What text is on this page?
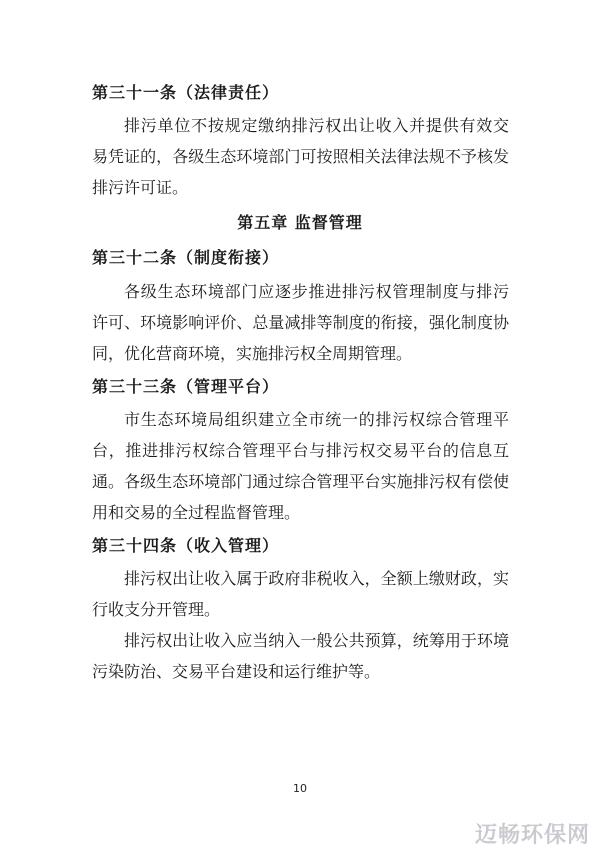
第三十一条（法律责任）

排污单位不按规定缴纳排污权出让收入并提供有效交

易凭证的，各级生态环境部门可按照相关法律法规不予核发

排污许可证。

第五章 监督管理

第三十二条（制度衔接）

各级生态环境部门应逐步推进排污权管理制度与排污

许可、环境影响评价、总量减排等制度的衔接，强化制度协

同，优化营商环境，实施排污权全周期管理。

第三十三条（管理平台）

市生态环境局组织建立全市统一的排污权综合管理平

台，推进排污权综合管理平台与排污权交易平台的信息互

通。各级生态环境部门通过综合管理平台实施排污权有偿使

用和交易的全过程监督管理。

第三十四条（收入管理）

排污权出让收入属于政府非税收入，全额上缴财政，实

行收支分开管理。

排污权出让收入应当纳入一般公共预算，统筹用于环境

污染防治、交易平台建设和运行维护等。

10
迈畅环保网
